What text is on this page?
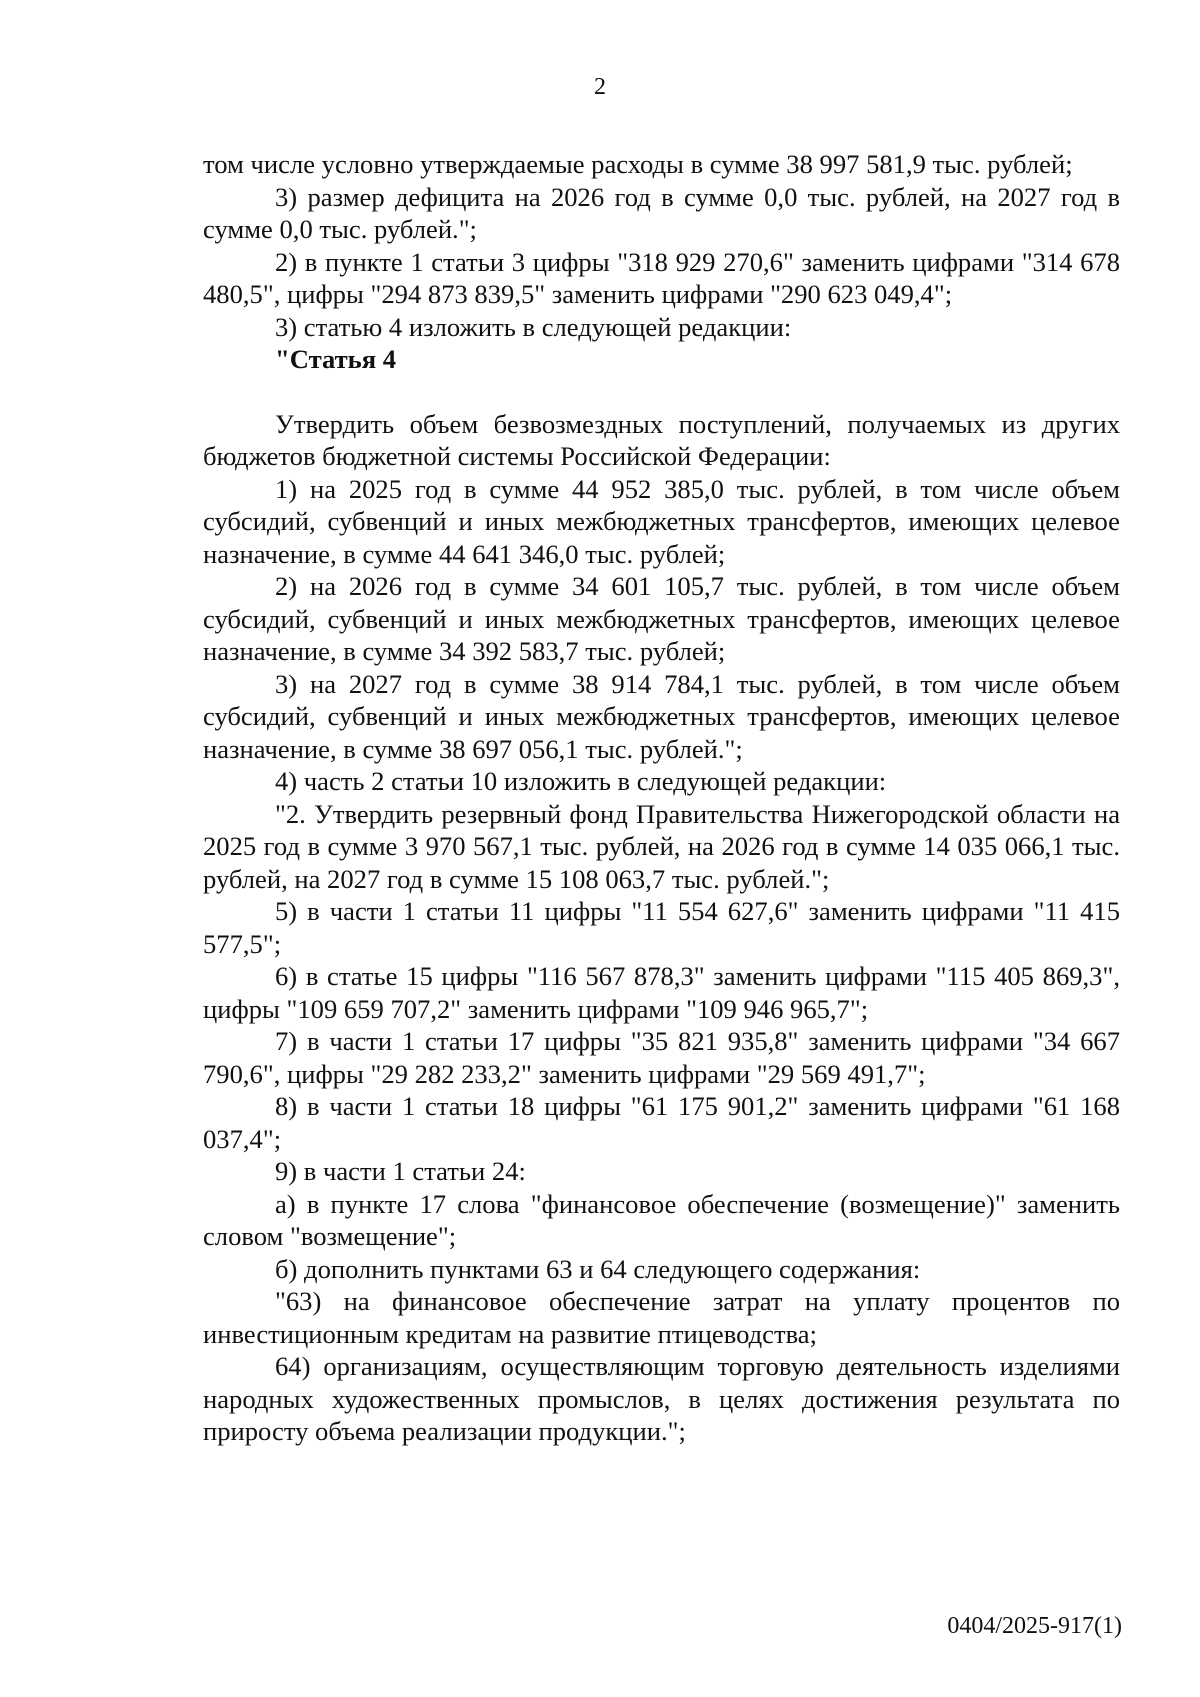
2

том числе условно утверждаемые расходы в сумме 38 997 581,9 тыс. рублей;

3) размер дефицита на 2026 год в сумме 0,0 тыс. рублей, на 2027 год в сумме 0,0 тыс. рублей.";

2) в пункте 1 статьи 3 цифры "318 929 270,6" заменить цифрами "314 678 480,5", цифры "294 873 839,5" заменить цифрами "290 623 049,4";

3) статью 4 изложить в следующей редакции:

"Статья 4

Утвердить объем безвозмездных поступлений, получаемых из других бюджетов бюджетной системы Российской Федерации:

1) на 2025 год в сумме 44 952 385,0 тыс. рублей, в том числе объем субсидий, субвенций и иных межбюджетных трансфертов, имеющих целевое назначение, в сумме 44 641 346,0 тыс. рублей;

2) на 2026 год в сумме 34 601 105,7 тыс. рублей, в том числе объем субсидий, субвенций и иных межбюджетных трансфертов, имеющих целевое назначение, в сумме 34 392 583,7 тыс. рублей;

3) на 2027 год в сумме 38 914 784,1 тыс. рублей, в том числе объем субсидий, субвенций и иных межбюджетных трансфертов, имеющих целевое назначение, в сумме 38 697 056,1 тыс. рублей.";

4) часть 2 статьи 10 изложить в следующей редакции:

"2. Утвердить резервный фонд Правительства Нижегородской области на 2025 год в сумме 3 970 567,1 тыс. рублей, на 2026 год в сумме 14 035 066,1 тыс. рублей, на 2027 год в сумме 15 108 063,7 тыс. рублей.";

5) в части 1 статьи 11 цифры "11 554 627,6" заменить цифрами "11 415 577,5";

6) в статье 15 цифры "116 567 878,3" заменить цифрами "115 405 869,3", цифры "109 659 707,2" заменить цифрами "109 946 965,7";

7) в части 1 статьи 17 цифры "35 821 935,8" заменить цифрами "34 667 790,6", цифры "29 282 233,2" заменить цифрами "29 569 491,7";

8) в части 1 статьи 18 цифры "61 175 901,2" заменить цифрами "61 168 037,4";

9) в части 1 статьи 24:

а) в пункте 17 слова "финансовое обеспечение (возмещение)" заменить словом "возмещение";

б) дополнить пунктами 63 и 64 следующего содержания:

"63) на финансовое обеспечение затрат на уплату процентов по инвестиционным кредитам на развитие птицеводства;

64) организациям, осуществляющим торговую деятельность изделиями народных художественных промыслов, в целях достижения результата по приросту объема реализации продукции.";

0404/2025-917(1)
